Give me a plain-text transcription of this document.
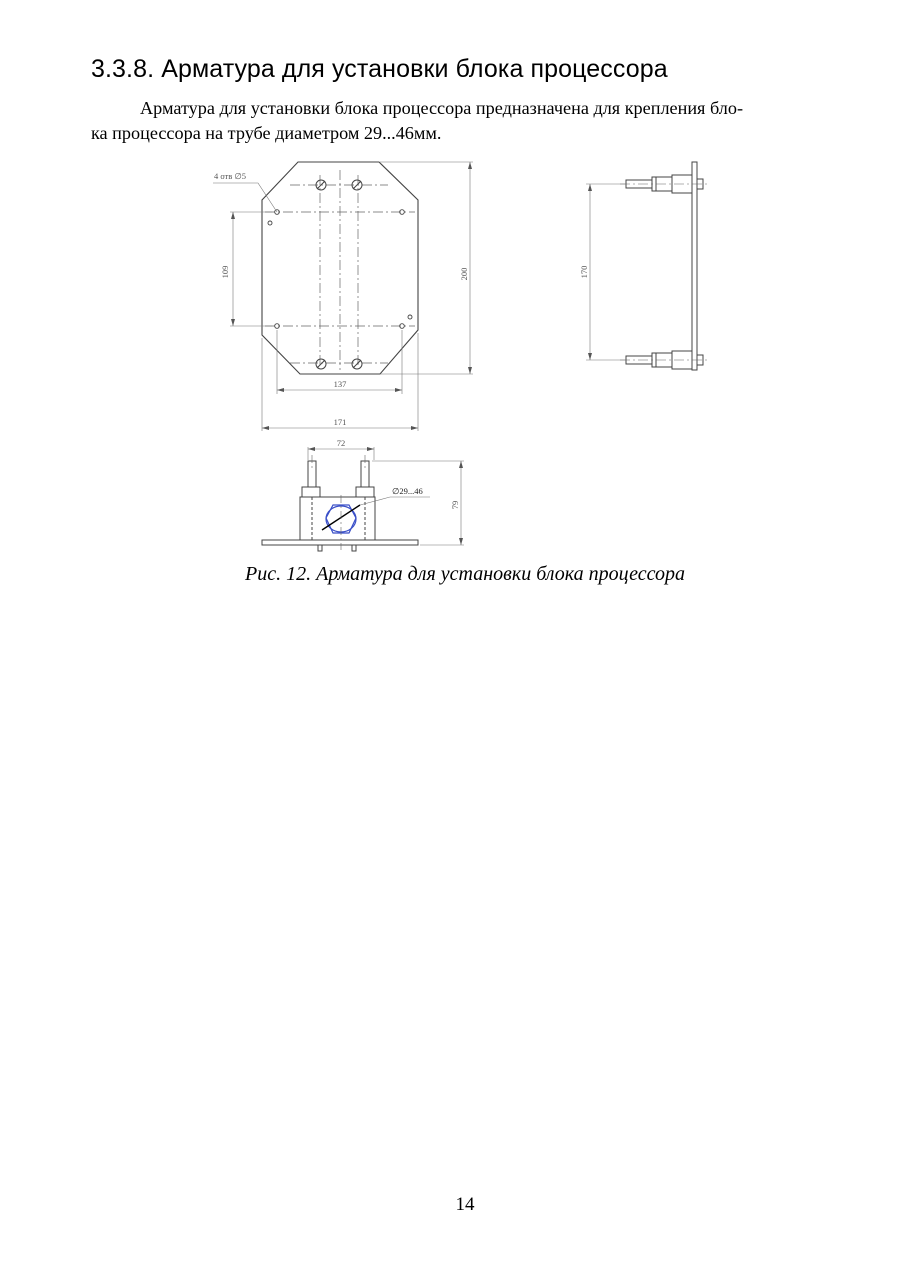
3.3.8. Арматура для установки блока процессора
Арматура для установки блока процессора предназначена для крепления бло-
ка процессора на трубе диаметром 29...46мм.
4 отв ∅5
109	200
137
171
170
72
79
∅29...46
Рис. 12. Арматура для установки блока процессора
14
